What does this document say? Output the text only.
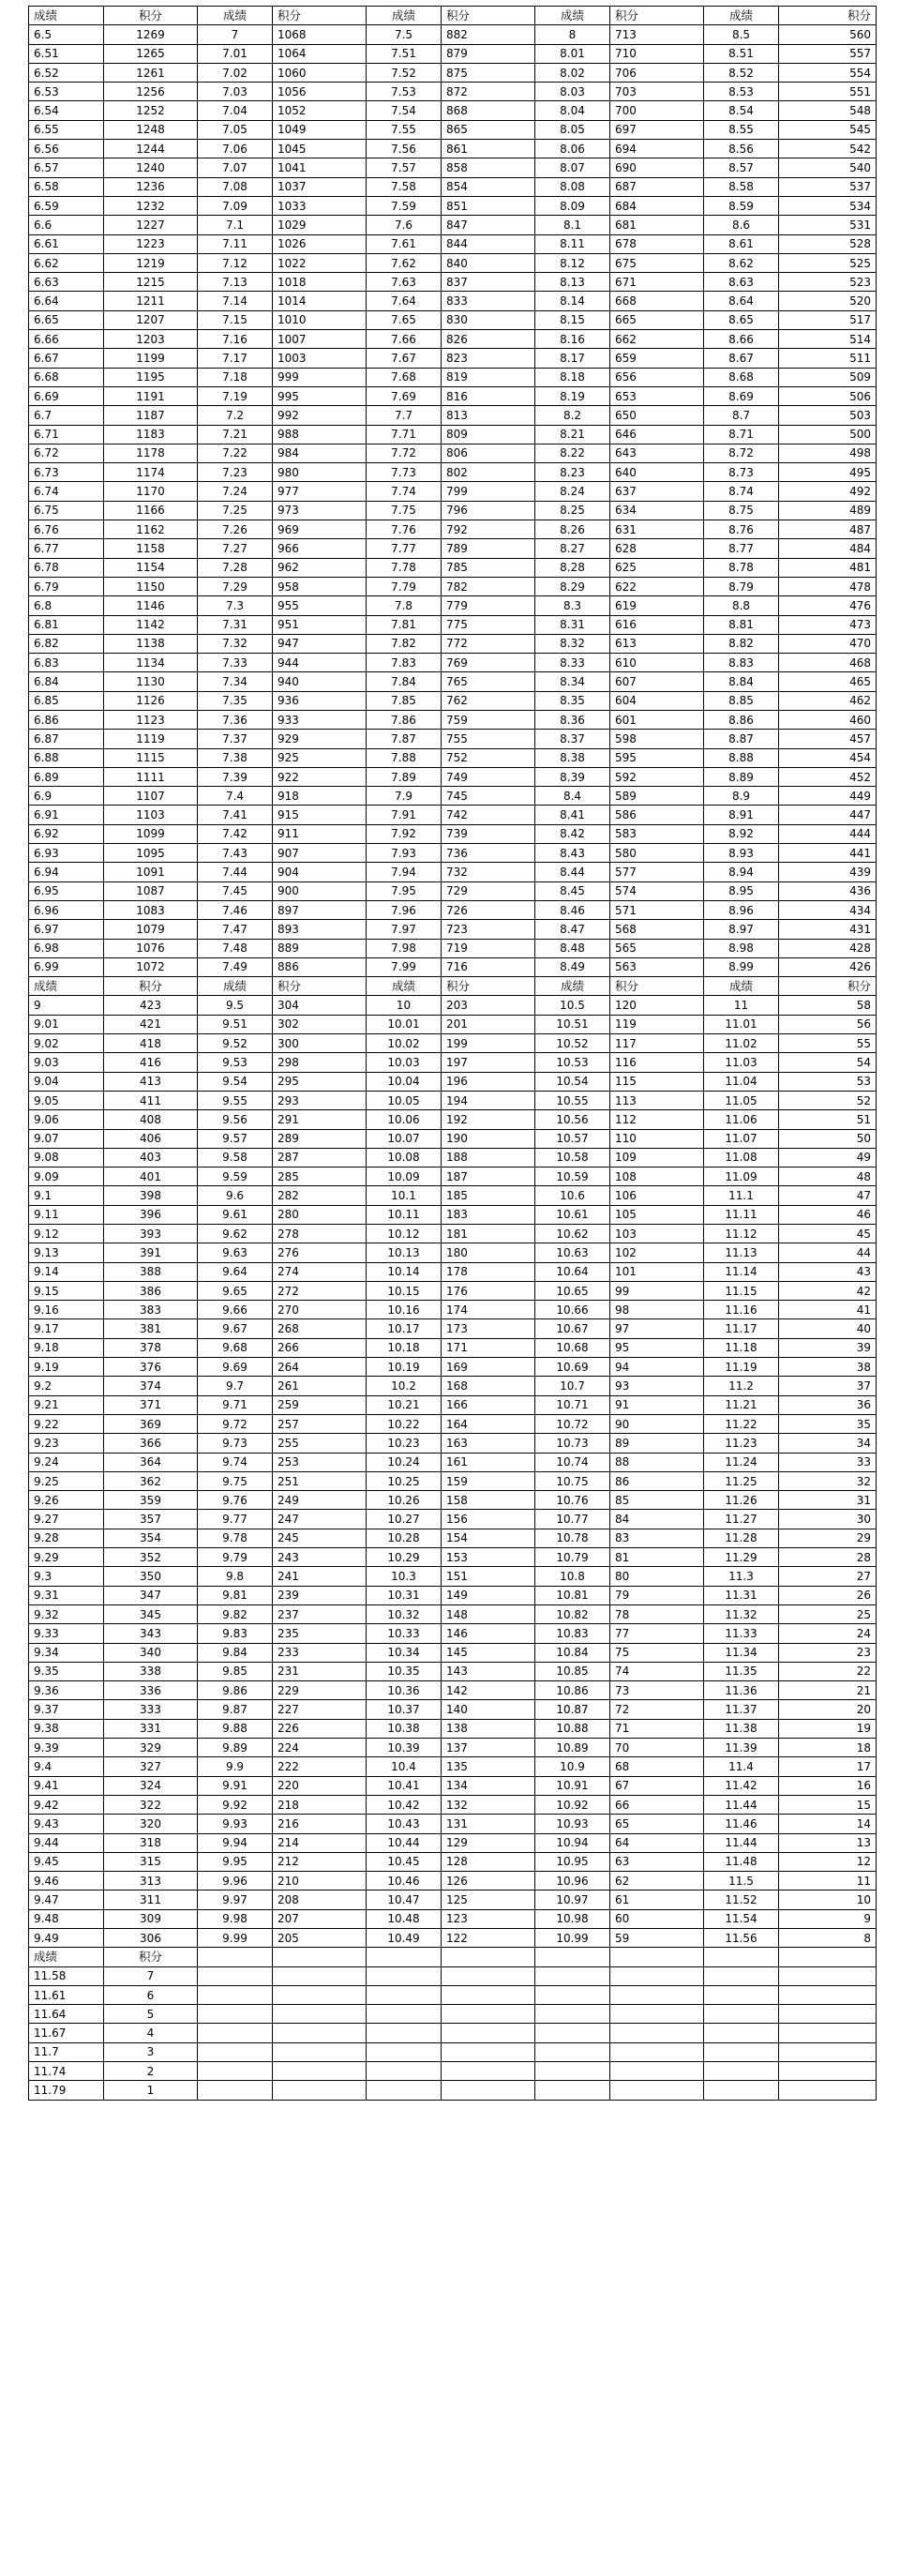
成绩	积分	成绩	积分	成绩	积分	成绩	积分	成绩	积分
6.5	1269	7	1068	7.5	882	8	713	8.5	560
6.51	1265	7.01	1064	7.51	879	8.01	710	8.51	557
6.52	1261	7.02	1060	7.52	875	8.02	706	8.52	554
6.53	1256	7.03	1056	7.53	872	8.03	703	8.53	551
6.54	1252	7.04	1052	7.54	868	8.04	700	8.54	548
6.55	1248	7.05	1049	7.55	865	8.05	697	8.55	545
6.56	1244	7.06	1045	7.56	861	8.06	694	8.56	542
6.57	1240	7.07	1041	7.57	858	8.07	690	8.57	540
6.58	1236	7.08	1037	7.58	854	8.08	687	8.58	537
6.59	1232	7.09	1033	7.59	851	8.09	684	8.59	534
6.6	1227	7.1	1029	7.6	847	8.1	681	8.6	531
6.61	1223	7.11	1026	7.61	844	8.11	678	8.61	528
6.62	1219	7.12	1022	7.62	840	8.12	675	8.62	525
6.63	1215	7.13	1018	7.63	837	8.13	671	8.63	523
6.64	1211	7.14	1014	7.64	833	8.14	668	8.64	520
6.65	1207	7.15	1010	7.65	830	8.15	665	8.65	517
6.66	1203	7.16	1007	7.66	826	8.16	662	8.66	514
6.67	1199	7.17	1003	7.67	823	8.17	659	8.67	511
6.68	1195	7.18	999	7.68	819	8.18	656	8.68	509
6.69	1191	7.19	995	7.69	816	8.19	653	8.69	506
6.7	1187	7.2	992	7.7	813	8.2	650	8.7	503
6.71	1183	7.21	988	7.71	809	8.21	646	8.71	500
6.72	1178	7.22	984	7.72	806	8.22	643	8.72	498
6.73	1174	7.23	980	7.73	802	8.23	640	8.73	495
6.74	1170	7.24	977	7.74	799	8.24	637	8.74	492
6.75	1166	7.25	973	7.75	796	8.25	634	8.75	489
6.76	1162	7.26	969	7.76	792	8.26	631	8.76	487
6.77	1158	7.27	966	7.77	789	8.27	628	8.77	484
6.78	1154	7.28	962	7.78	785	8.28	625	8.78	481
6.79	1150	7.29	958	7.79	782	8.29	622	8.79	478
6.8	1146	7.3	955	7.8	779	8.3	619	8.8	476
6.81	1142	7.31	951	7.81	775	8.31	616	8.81	473
6.82	1138	7.32	947	7.82	772	8.32	613	8.82	470
6.83	1134	7.33	944	7.83	769	8.33	610	8.83	468
6.84	1130	7.34	940	7.84	765	8.34	607	8.84	465
6.85	1126	7.35	936	7.85	762	8.35	604	8.85	462
6.86	1123	7.36	933	7.86	759	8.36	601	8.86	460
6.87	1119	7.37	929	7.87	755	8.37	598	8.87	457
6.88	1115	7.38	925	7.88	752	8.38	595	8.88	454
6.89	1111	7.39	922	7.89	749	8.39	592	8.89	452
6.9	1107	7.4	918	7.9	745	8.4	589	8.9	449
6.91	1103	7.41	915	7.91	742	8.41	586	8.91	447
6.92	1099	7.42	911	7.92	739	8.42	583	8.92	444
6.93	1095	7.43	907	7.93	736	8.43	580	8.93	441
6.94	1091	7.44	904	7.94	732	8.44	577	8.94	439
6.95	1087	7.45	900	7.95	729	8.45	574	8.95	436
6.96	1083	7.46	897	7.96	726	8.46	571	8.96	434
6.97	1079	7.47	893	7.97	723	8.47	568	8.97	431
6.98	1076	7.48	889	7.98	719	8.48	565	8.98	428
6.99	1072	7.49	886	7.99	716	8.49	563	8.99	426
成绩	积分	成绩	积分	成绩	积分	成绩	积分	成绩	积分
9	423	9.5	304	10	203	10.5	120	11	58
9.01	421	9.51	302	10.01	201	10.51	119	11.01	56
9.02	418	9.52	300	10.02	199	10.52	117	11.02	55
9.03	416	9.53	298	10.03	197	10.53	116	11.03	54
9.04	413	9.54	295	10.04	196	10.54	115	11.04	53
9.05	411	9.55	293	10.05	194	10.55	113	11.05	52
9.06	408	9.56	291	10.06	192	10.56	112	11.06	51
9.07	406	9.57	289	10.07	190	10.57	110	11.07	50
9.08	403	9.58	287	10.08	188	10.58	109	11.08	49
9.09	401	9.59	285	10.09	187	10.59	108	11.09	48
9.1	398	9.6	282	10.1	185	10.6	106	11.1	47
9.11	396	9.61	280	10.11	183	10.61	105	11.11	46
9.12	393	9.62	278	10.12	181	10.62	103	11.12	45
9.13	391	9.63	276	10.13	180	10.63	102	11.13	44
9.14	388	9.64	274	10.14	178	10.64	101	11.14	43
9.15	386	9.65	272	10.15	176	10.65	99	11.15	42
9.16	383	9.66	270	10.16	174	10.66	98	11.16	41
9.17	381	9.67	268	10.17	173	10.67	97	11.17	40
9.18	378	9.68	266	10.18	171	10.68	95	11.18	39
9.19	376	9.69	264	10.19	169	10.69	94	11.19	38
9.2	374	9.7	261	10.2	168	10.7	93	11.2	37
9.21	371	9.71	259	10.21	166	10.71	91	11.21	36
9.22	369	9.72	257	10.22	164	10.72	90	11.22	35
9.23	366	9.73	255	10.23	163	10.73	89	11.23	34
9.24	364	9.74	253	10.24	161	10.74	88	11.24	33
9.25	362	9.75	251	10.25	159	10.75	86	11.25	32
9.26	359	9.76	249	10.26	158	10.76	85	11.26	31
9.27	357	9.77	247	10.27	156	10.77	84	11.27	30
9.28	354	9.78	245	10.28	154	10.78	83	11.28	29
9.29	352	9.79	243	10.29	153	10.79	81	11.29	28
9.3	350	9.8	241	10.3	151	10.8	80	11.3	27
9.31	347	9.81	239	10.31	149	10.81	79	11.31	26
9.32	345	9.82	237	10.32	148	10.82	78	11.32	25
9.33	343	9.83	235	10.33	146	10.83	77	11.33	24
9.34	340	9.84	233	10.34	145	10.84	75	11.34	23
9.35	338	9.85	231	10.35	143	10.85	74	11.35	22
9.36	336	9.86	229	10.36	142	10.86	73	11.36	21
9.37	333	9.87	227	10.37	140	10.87	72	11.37	20
9.38	331	9.88	226	10.38	138	10.88	71	11.38	19
9.39	329	9.89	224	10.39	137	10.89	70	11.39	18
9.4	327	9.9	222	10.4	135	10.9	68	11.4	17
9.41	324	9.91	220	10.41	134	10.91	67	11.42	16
9.42	322	9.92	218	10.42	132	10.92	66	11.44	15
9.43	320	9.93	216	10.43	131	10.93	65	11.46	14
9.44	318	9.94	214	10.44	129	10.94	64	11.44	13
9.45	315	9.95	212	10.45	128	10.95	63	11.48	12
9.46	313	9.96	210	10.46	126	10.96	62	11.5	11
9.47	311	9.97	208	10.47	125	10.97	61	11.52	10
9.48	309	9.98	207	10.48	123	10.98	60	11.54	9
9.49	306	9.99	205	10.49	122	10.99	59	11.56	8
成绩	积分								
11.58	7								
11.61	6								
11.64	5								
11.67	4								
11.7	3								
11.74	2								
11.79	1								
